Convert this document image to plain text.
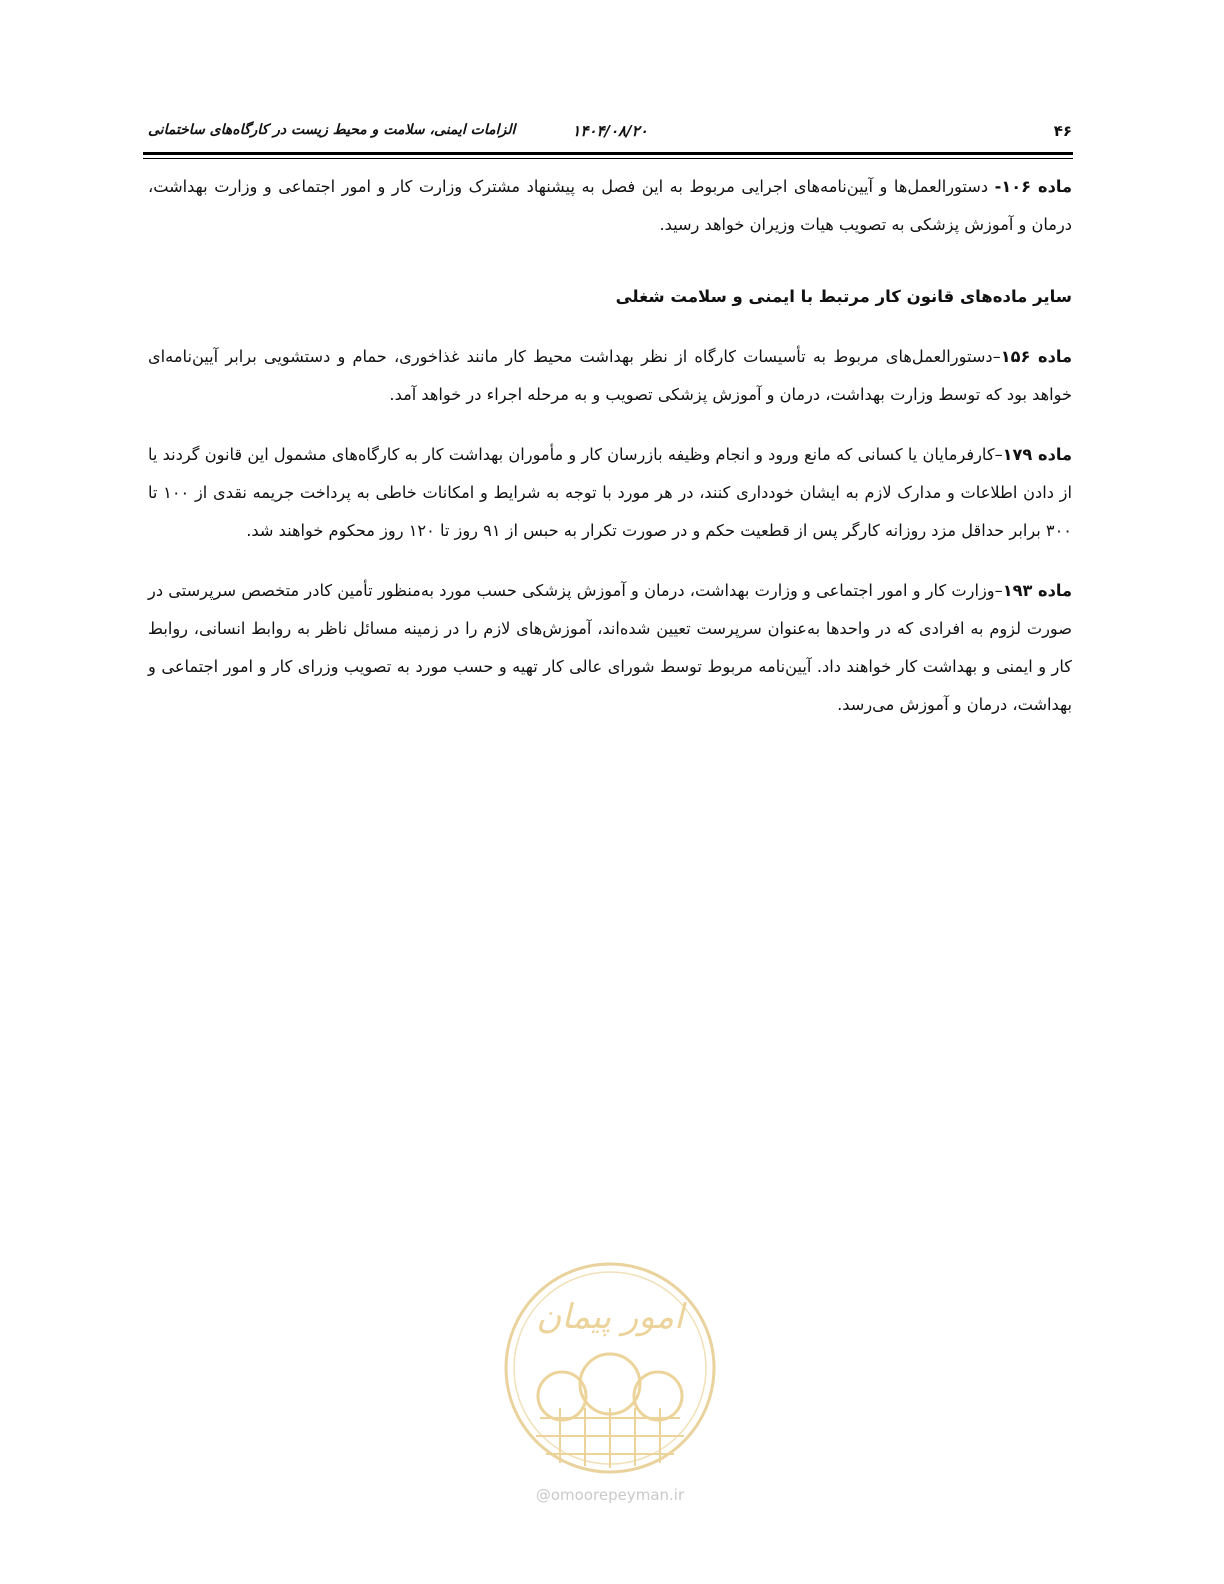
۴۶
۱۴۰۴/۰۸/۲۰
الزامات ایمنی، سلامت و محیط زیست در کارگاه‌های ساختمانی

ماده ۱۰۶- دستورالعمل‌ها و آیین‌نامه‌های اجرایی مربوط به این فصل به پیشنهاد مشترک وزارت کار و امور اجتماعی و وزارت بهداشت، درمان و آموزش پزشکی به تصویب هیات وزیران خواهد رسید.

سایر ماده‌های قانون کار مرتبط با ایمنی و سلامت شغلی

ماده ۱۵۶–دستورالعمل‌های مربوط به تأسیسات کارگاه از نظر بهداشت محیط کار مانند غذاخوری، حمام و دستشویی برابر آیین‌نامه‌ای خواهد بود که توسط وزارت بهداشت، درمان و آموزش پزشکی تصویب و به مرحله اجراء در خواهد آمد.

ماده ۱۷۹–کارفرمایان یا کسانی که مانع ورود و انجام وظیفه بازرسان کار و مأموران بهداشت کار به کارگاه‌های مشمول این قانون گردند یا از دادن اطلاعات و مدارک لازم به ایشان خودداری کنند، در هر مورد با توجه به شرایط و امکانات خاطی به پرداخت جریمه نقدی از ۱۰۰ تا ۳۰۰ برابر حداقل مزد روزانه کارگر پس از قطعیت حکم و در صورت تکرار به حبس از ۹۱ روز تا ۱۲۰ روز محکوم خواهند شد.

ماده ۱۹۳–وزارت کار و امور اجتماعی و وزارت بهداشت، درمان و آموزش پزشکی حسب مورد به‌منظور تأمین کادر متخصص سرپرستی در صورت لزوم به افرادی که در واحدها به‌عنوان سرپرست تعیین شده‌اند، آموزش‌های لازم را در زمینه مسائل ناظر به روابط انسانی، روابط کار و ایمنی و بهداشت کار خواهند داد. آیین‌نامه مربوط توسط شورای عالی کار تهیه و حسب مورد به تصویب وزرای کار و امور اجتماعی و بهداشت، درمان و آموزش می‌رسد.

امور پیمان
@omoorepeyman.ir
